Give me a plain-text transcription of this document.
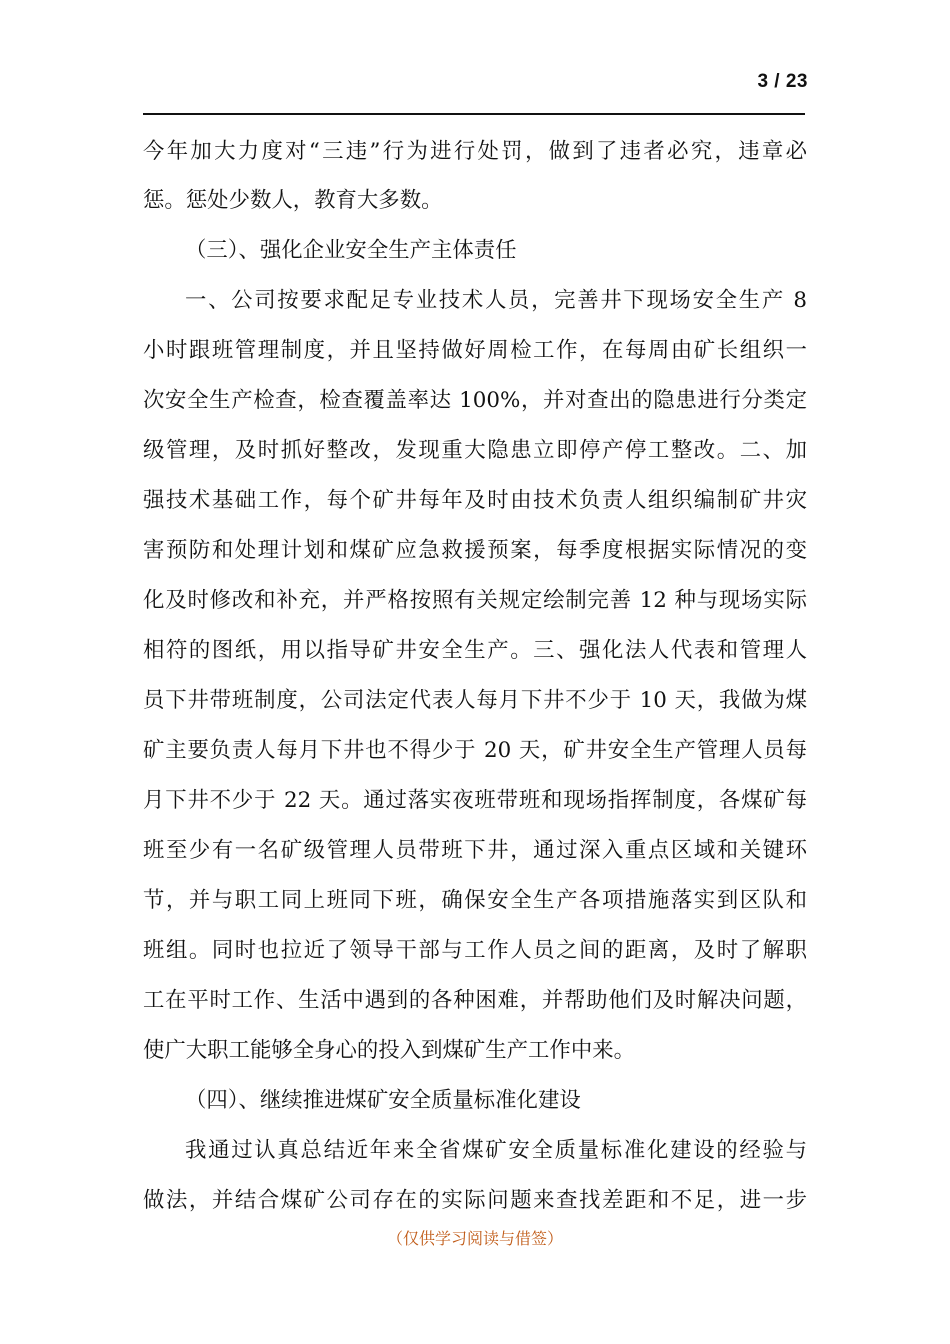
3 / 23
今年加大力度对“三违”行为进行处罚，做到了违者必究，违章必
惩。惩处少数人，教育大多数。
（三）、强化企业安全生产主体责任
一、公司按要求配足专业技术人员，完善井下现场安全生产 8
小时跟班管理制度，并且坚持做好周检工作，在每周由矿长组织一
次安全生产检查，检查覆盖率达 100%，并对查出的隐患进行分类定
级管理，及时抓好整改，发现重大隐患立即停产停工整改。二、加
强技术基础工作，每个矿井每年及时由技术负责人组织编制矿井灾
害预防和处理计划和煤矿应急救援预案，每季度根据实际情况的变
化及时修改和补充，并严格按照有关规定绘制完善 12 种与现场实际
相符的图纸，用以指导矿井安全生产。三、强化法人代表和管理人
员下井带班制度，公司法定代表人每月下井不少于 10 天，我做为煤
矿主要负责人每月下井也不得少于 20 天，矿井安全生产管理人员每
月下井不少于 22 天。通过落实夜班带班和现场指挥制度，各煤矿每
班至少有一名矿级管理人员带班下井，通过深入重点区域和关键环
节，并与职工同上班同下班，确保安全生产各项措施落实到区队和
班组。同时也拉近了领导干部与工作人员之间的距离，及时了解职
工在平时工作、生活中遇到的各种困难，并帮助他们及时解决问题，
使广大职工能够全身心的投入到煤矿生产工作中来。
（四）、继续推进煤矿安全质量标准化建设
我通过认真总结近年来全省煤矿安全质量标准化建设的经验与
做法，并结合煤矿公司存在的实际问题来查找差距和不足，进一步
（仅供学习阅读与借签）
